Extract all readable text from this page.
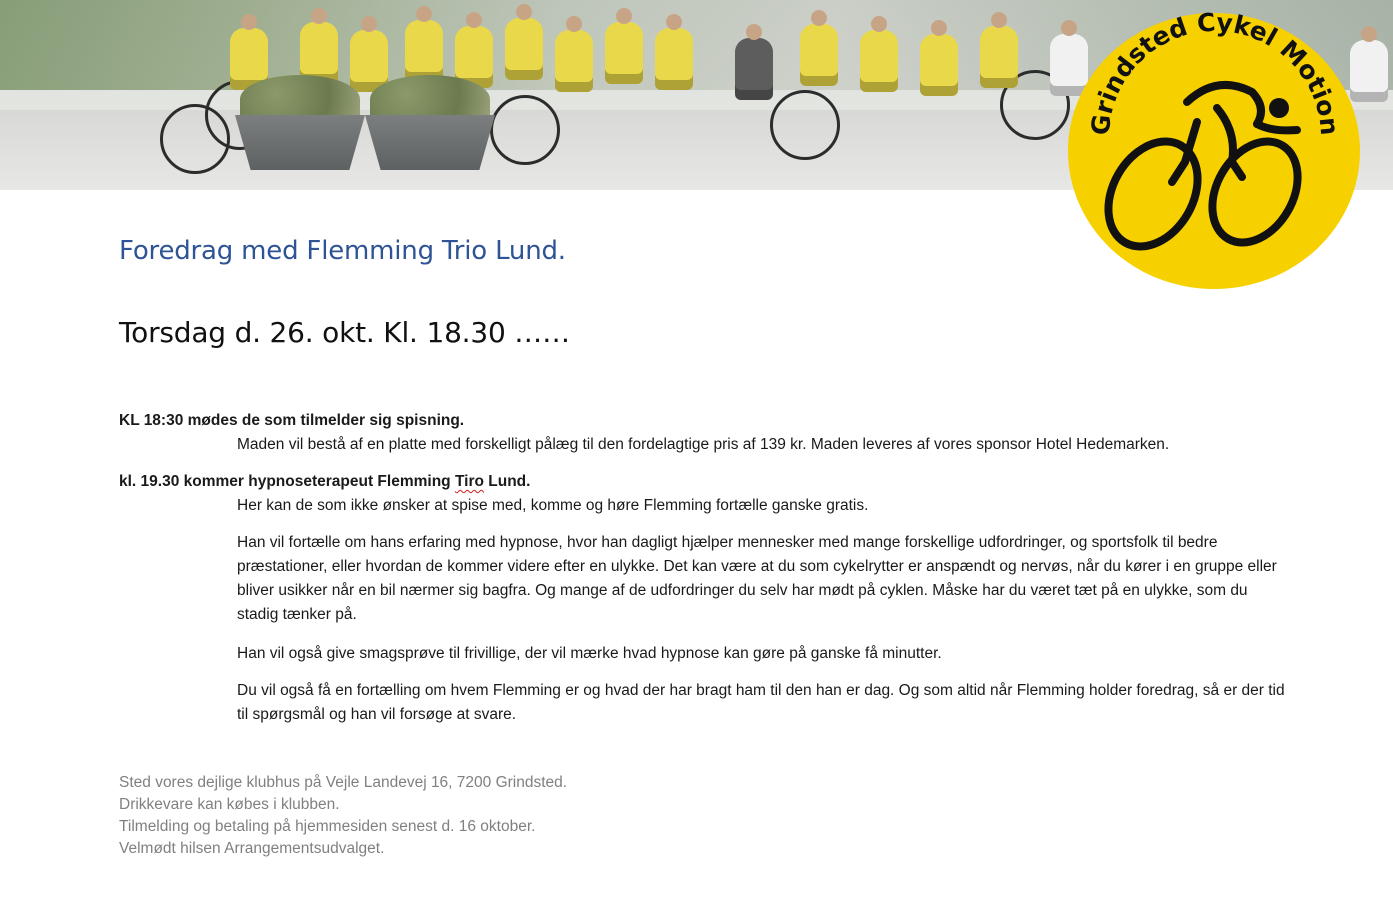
Grindsted Cykel Motion
Foredrag med Flemming Trio Lund.
Torsdag d. 26. okt. Kl. 18.30 ……

KL 18:30 mødes de som tilmelder sig spisning.

Maden vil bestå af en platte med forskelligt pålæg til den fordelagtige pris af 139 kr. Maden leveres af vores sponsor Hotel Hedemarken.

kl. 19.30 kommer hypnoseterapeut Flemming Tiro Lund.

Her kan de som ikke ønsker at spise med, komme og høre Flemming fortælle ganske gratis.

Han vil fortælle om hans erfaring med hypnose, hvor han dagligt hjælper mennesker med mange forskellige udfordringer, og sportsfolk til bedre præstationer, eller hvordan de kommer videre efter en ulykke. Det kan være at du som cykelrytter er anspændt og nervøs, når du kører i en gruppe eller bliver usikker når en bil nærmer sig bagfra. Og mange af de udfordringer du selv har mødt på cyklen. Måske har du været tæt på en ulykke, som du stadig tænker på.

Han vil også give smagsprøve til frivillige, der vil mærke hvad hypnose kan gøre på ganske få minutter.

Du vil også få en fortælling om hvem Flemming er og hvad der har bragt ham til den han er dag. Og som altid når Flemming holder foredrag, så er der tid til spørgsmål og han vil forsøge at svare.

Sted vores dejlige klubhus på Vejle Landevej 16, 7200 Grindsted.

Drikkevare kan købes i klubben.

Tilmelding og betaling på hjemmesiden senest d. 16 oktober.

Velmødt hilsen Arrangementsudvalget.
